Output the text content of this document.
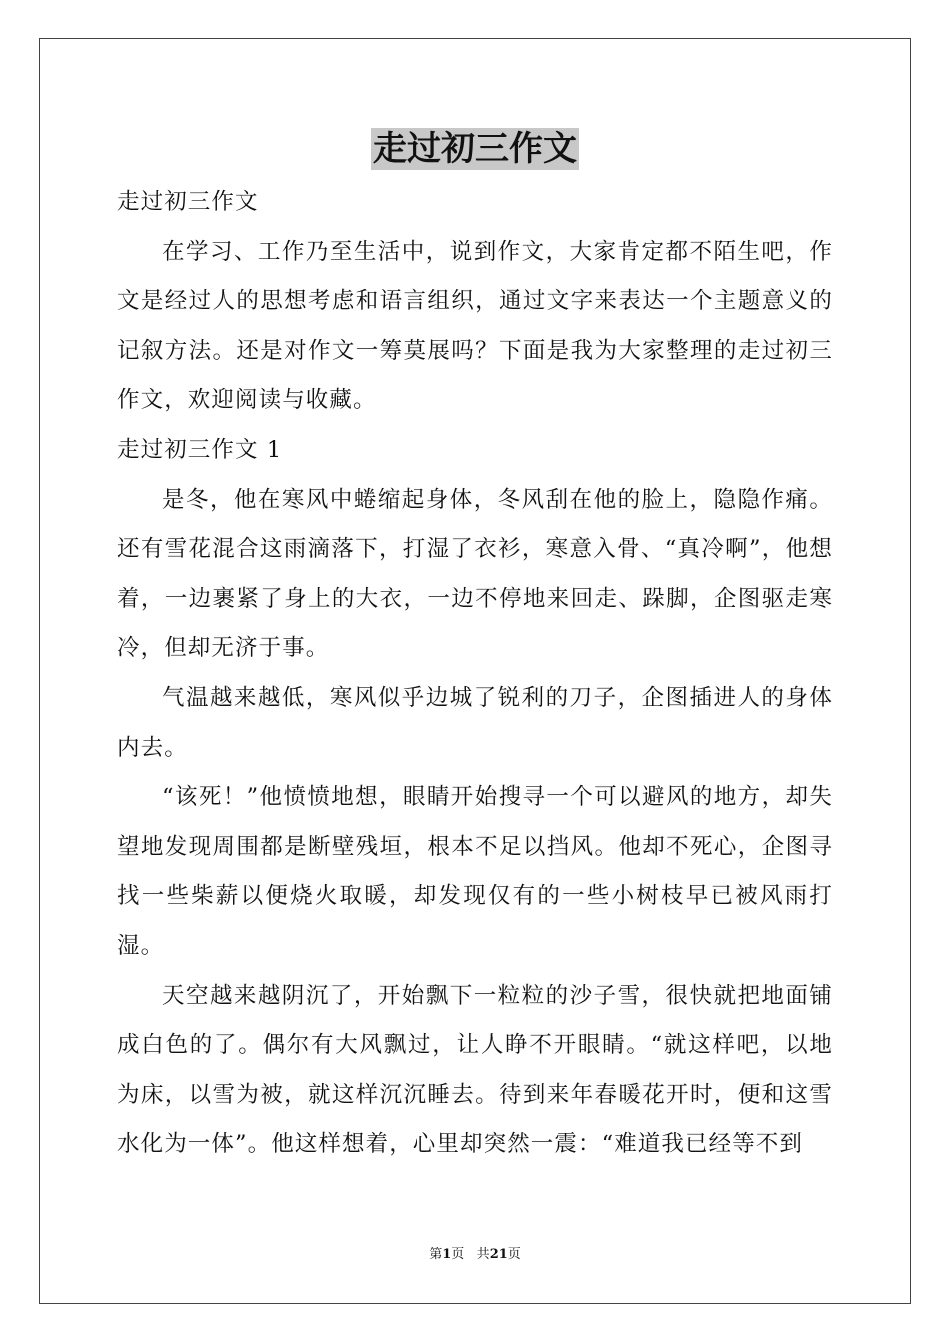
走过初三作文

走过初三作文

在学习、工作乃至生活中，说到作文，大家肯定都不陌生吧，作文是经过人的思想考虑和语言组织，通过文字来表达一个主题意义的记叙方法。还是对作文一筹莫展吗？下面是我为大家整理的走过初三作文，欢迎阅读与收藏。

走过初三作文 1

是冬，他在寒风中蜷缩起身体，冬风刮在他的脸上，隐隐作痛。还有雪花混合这雨滴落下，打湿了衣衫，寒意入骨、“真冷啊”，他想着，一边裹紧了身上的大衣，一边不停地来回走、跺脚，企图驱走寒冷，但却无济于事。

气温越来越低，寒风似乎边城了锐利的刀子，企图插进人的身体内去。

“该死！”他愤愤地想，眼睛开始搜寻一个可以避风的地方，却失望地发现周围都是断壁残垣，根本不足以挡风。他却不死心，企图寻找一些柴薪以便烧火取暖，却发现仅有的一些小树枝早已被风雨打湿。

天空越来越阴沉了，开始飘下一粒粒的沙子雪，很快就把地面铺成白色的了。偶尔有大风飘过，让人睁不开眼睛。“就这样吧，以地为床，以雪为被，就这样沉沉睡去。待到来年春暖花开时，便和这雪水化为一体”。他这样想着，心里却突然一震：“难道我已经等不到

第1页 共21页
